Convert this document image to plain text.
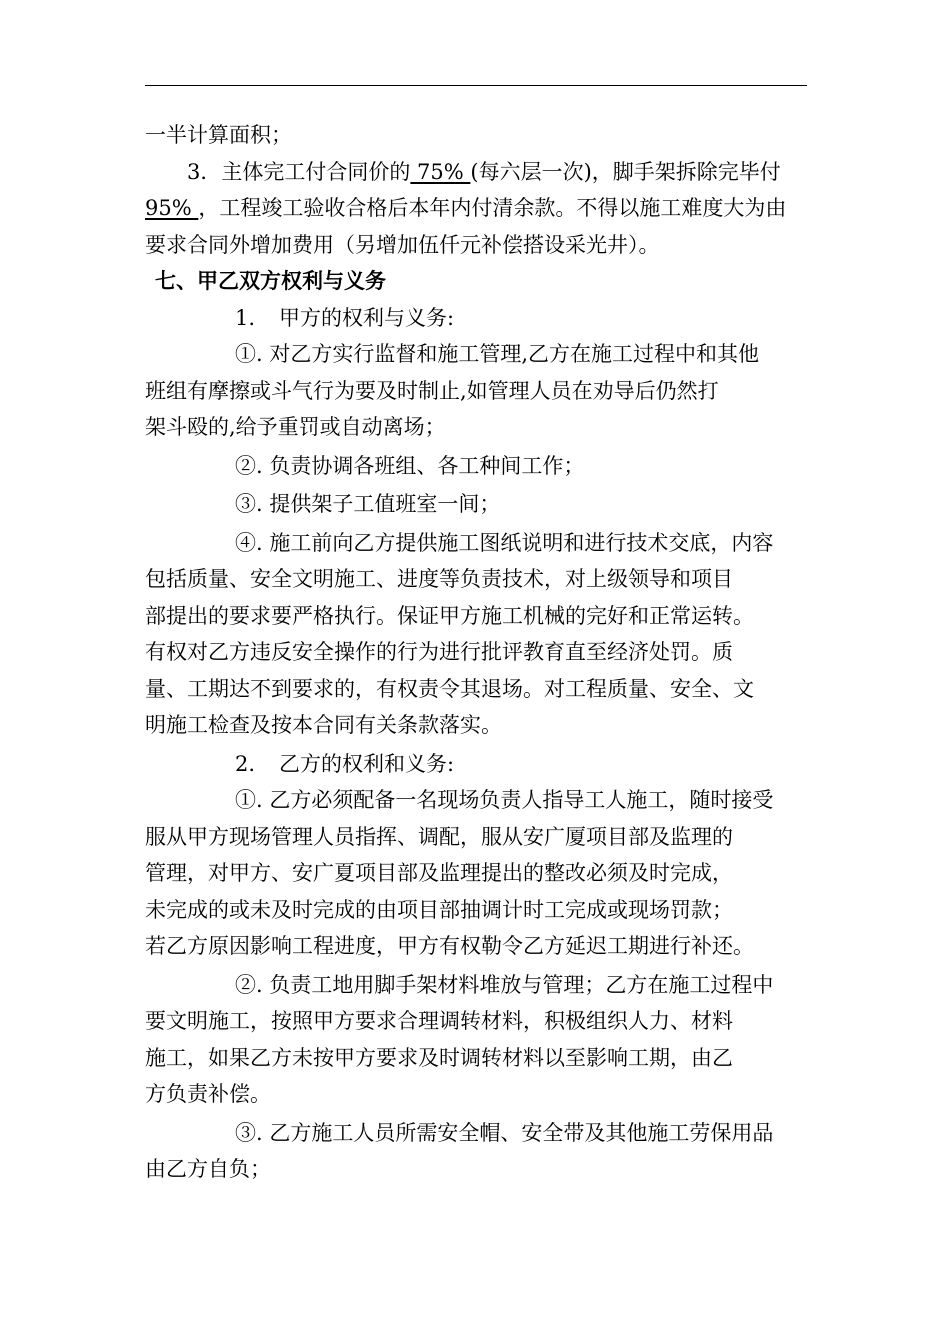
一半计算面积；
3．主体完工付合同价的 75% (每六层一次)，脚手架拆除完毕付
95% ，工程竣工验收合格后本年内付清余款。不得以施工难度大为由
要求合同外增加费用（另增加伍仟元补偿搭设采光井）。
七、甲乙双方权利与义务
1. 甲方的权利与义务:
①. 对乙方实行监督和施工管理,乙方在施工过程中和其他
班组有摩擦或斗气行为要及时制止,如管理人员在劝导后仍然打
架斗殴的,给予重罚或自动离场；
②. 负责协调各班组、各工种间工作；
③. 提供架子工值班室一间；
④. 施工前向乙方提供施工图纸说明和进行技术交底，内容
包括质量、安全文明施工、进度等负责技术，对上级领导和项目
部提出的要求要严格执行。保证甲方施工机械的完好和正常运转。
有权对乙方违反安全操作的行为进行批评教育直至经济处罚。质
量、工期达不到要求的，有权责令其退场。对工程质量、安全、文
明施工检查及按本合同有关条款落实。
2. 乙方的权利和义务:
①. 乙方必须配备一名现场负责人指导工人施工，随时接受
服从甲方现场管理人员指挥、调配，服从安广厦项目部及监理的
管理，对甲方、安广夏项目部及监理提出的整改必须及时完成，
未完成的或未及时完成的由项目部抽调计时工完成或现场罚款；
若乙方原因影响工程进度，甲方有权勒令乙方延迟工期进行补还。
②. 负责工地用脚手架材料堆放与管理；乙方在施工过程中
要文明施工，按照甲方要求合理调转材料，积极组织人力、材料
施工，如果乙方未按甲方要求及时调转材料以至影响工期，由乙
方负责补偿。
③. 乙方施工人员所需安全帽、安全带及其他施工劳保用品
由乙方自负；
